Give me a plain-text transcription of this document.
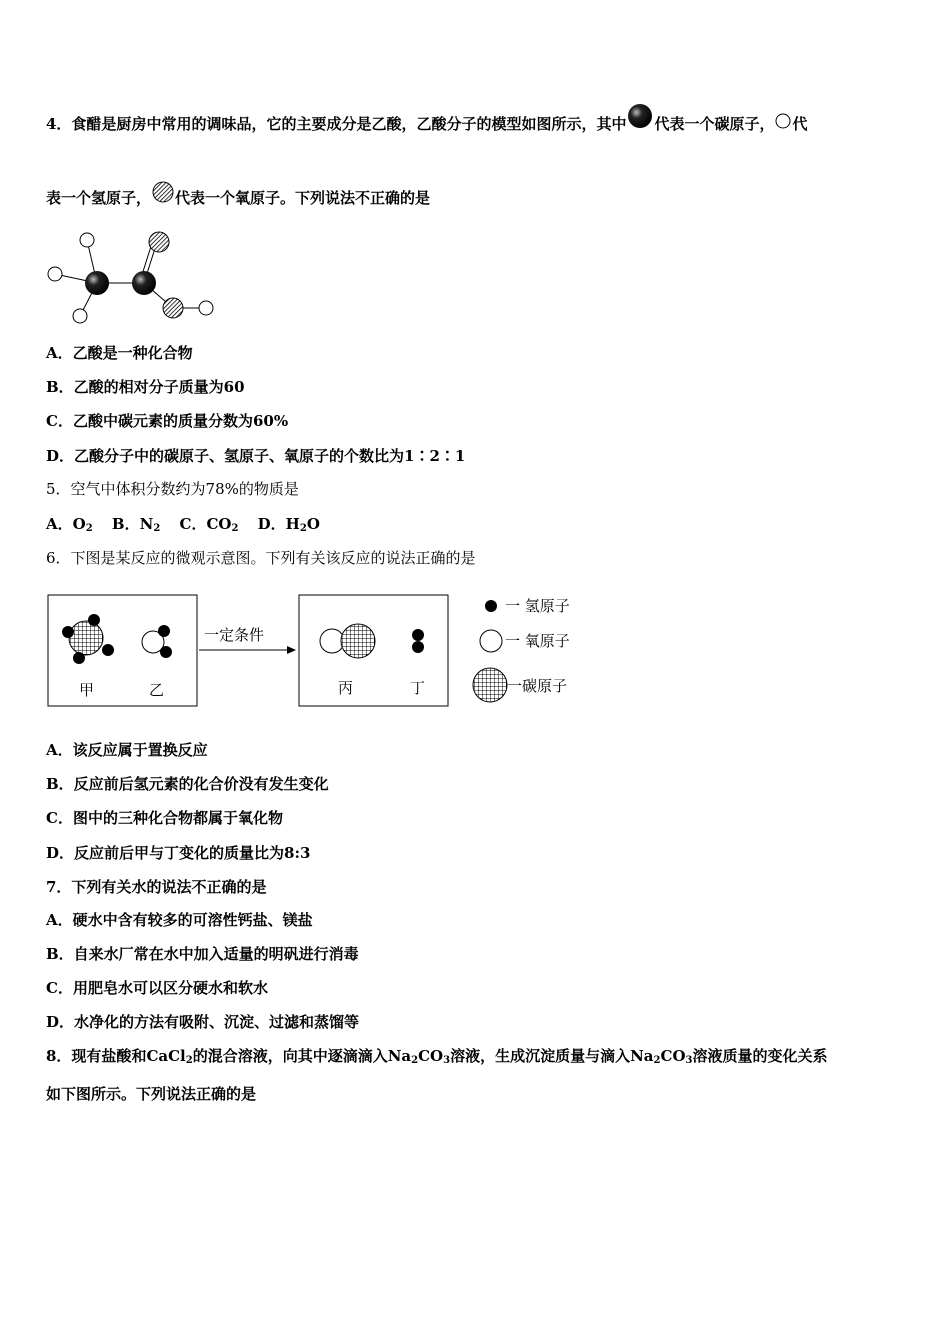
4．食醋是厨房中常用的调味品，它的主要成分是乙酸，乙酸分子的模型如图所示，其中 代表一个碳原子， 代
表一个氢原子， 代表一个氧原子。下列说法不正确的是
A．乙酸是一种化合物
B．乙酸的相对分子质量为60
C．乙酸中碳元素的质量分数为60%
D．乙酸分子中的碳原子、氢原子、氧原子的个数比为1∶2∶1
5．空气中体积分数约为78%的物质是
A．$O_2$ B．$N_2$ C．$CO_2$ D．$H_2O$
6．下图是某反应的微观示意图。下列有关该反应的说法正确的是
甲	乙
一定条件
丙	丁
一 氢原子
一 氧原子
一碳原子
A．该反应属于置换反应
B．反应前后氢元素的化合价没有发生变化
C．图中的三种化合物都属于氧化物
D．反应前后甲与丁变化的质量比为8:3
7．下列有关水的说法不正确的是
A．硬水中含有较多的可溶性钙盐、镁盐
B．自来水厂常在水中加入适量的明矾进行消毒
C．用肥皂水可以区分硬水和软水
D．水净化的方法有吸附、沉淀、过滤和蒸馏等
8．现有盐酸和CaCl$_2$的混合溶液，向其中逐滴滴入$Na_2CO_3$溶液，生成沉淀质量与滴入$Na_2CO_3$溶液质量的变化关系
如下图所示。下列说法正确的是
